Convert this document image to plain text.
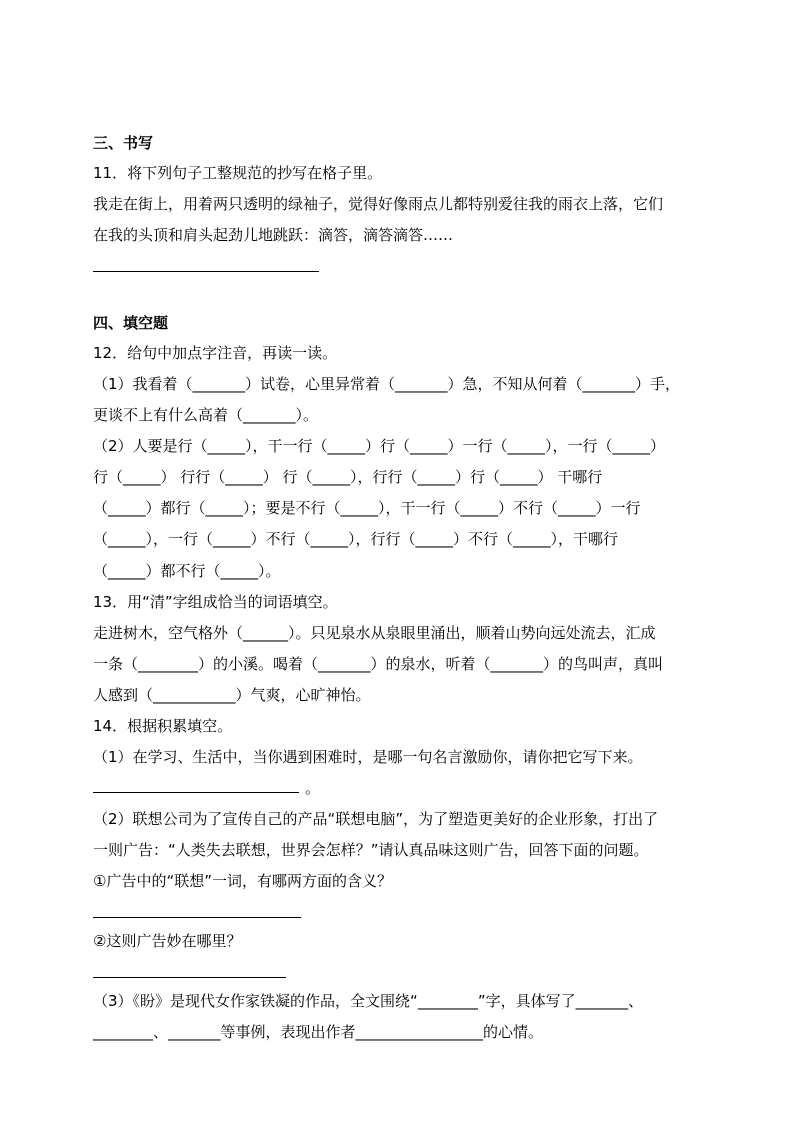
三、书写
11．将下列句子工整规范的抄写在格子里。
我走在街上，用着两只透明的绿袖子，觉得好像雨点儿都特别爱往我的雨衣上落，它们
在我的头顶和肩头起劲儿地跳跃：滴答，滴答滴答……
四、填空题
12．给句中加点字注音，再读一读。
（1）我看着（_______）试卷，心里异常着（_______）急，不知从何着（_______）手，
更谈不上有什么高着（_______）。
（2）人要是行（_____），干一行（_____）行（_____）一行（_____），一行（_____）
行（_____） 行行（_____） 行（_____），行行（_____）行（_____） 干哪行
（_____）都行（_____）；要是不行（_____），干一行（_____）不行（_____）一行
（_____），一行（_____）不行（_____），行行（_____）不行（_____），干哪行
（_____）都不行（_____）。
13．用“清”字组成恰当的词语填空。
走进树木，空气格外（______）。只见泉水从泉眼里涌出，顺着山势向远处流去，汇成
一条（________）的小溪。喝着（_______）的泉水，听着（_______）的鸟叫声，真叫
人感到（___________）气爽，心旷神怡。
14．根据积累填空。
（1）在学习、生活中，当你遇到困难时，是哪一句名言激励你，请你把它写下来。
。
（2）联想公司为了宣传自己的产品“联想电脑”，为了塑造更美好的企业形象，打出了
一则广告：“人类失去联想，世界会怎样？”请认真品味这则广告，回答下面的问题。
①广告中的“联想”一词，有哪两方面的含义？
②这则广告妙在哪里？
（3）《盼》是现代女作家铁凝的作品，全文围绕“________”字，具体写了_______、
________、_______等事例，表现出作者_________________的心情。
